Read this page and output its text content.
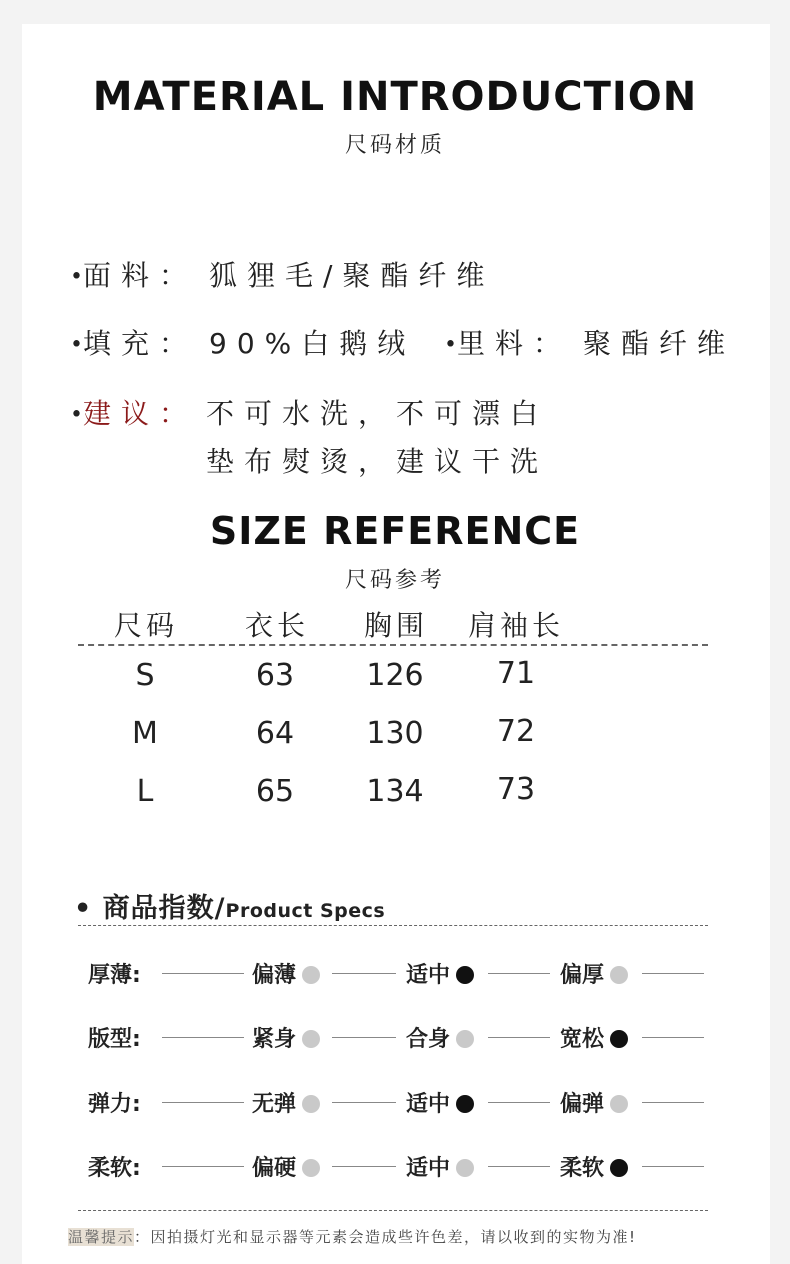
MATERIAL INTRODUCTION
尺码材质
•面料： 狐狸毛/聚酯纤维
•填充： 90%白鹅绒 •里料： 聚酯纤维
•建议： 不可水洗，不可漂白
垫布熨烫，建议干洗
SIZE REFERENCE
尺码参考
尺码 衣长 胸围 肩袖长
S	63	126	71
M	64	130	72
L	65	134	73
• 商品指数/Product Specs
厚薄:	偏薄	适中	偏厚
版型:	紧身	合身	宽松
弹力:	无弹	适中	偏弹
柔软:	偏硬	适中	柔软
温馨提示：因拍摄灯光和显示器等元素会造成些许色差，请以收到的实物为准!
